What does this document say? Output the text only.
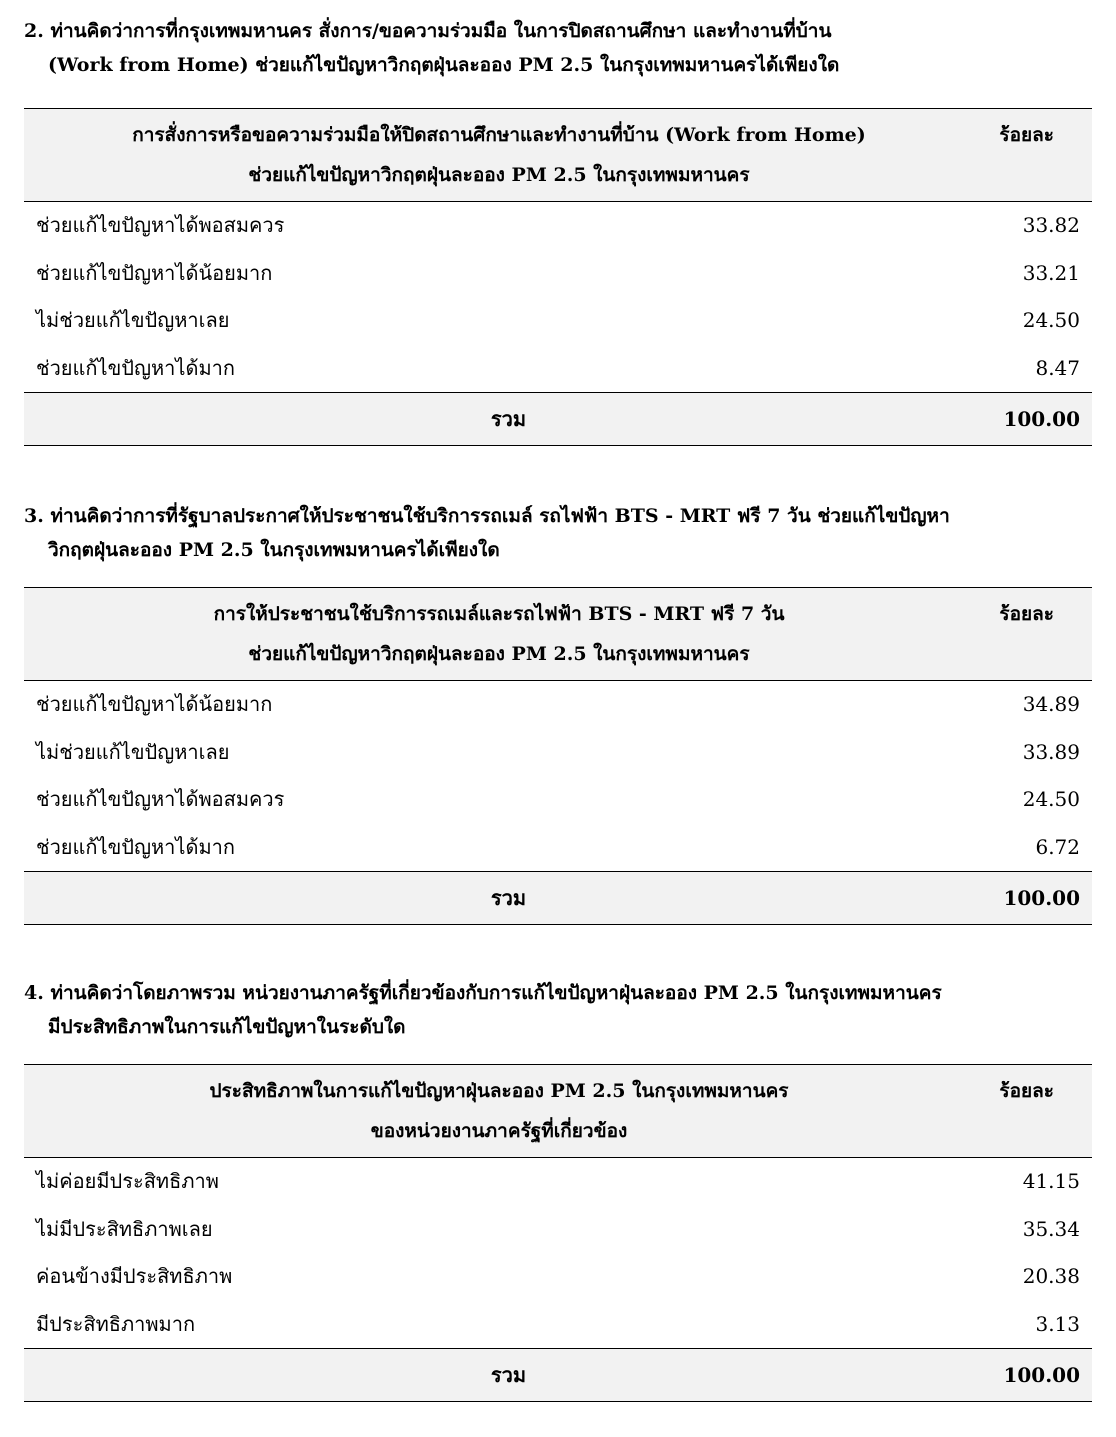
2. ท่านคิดว่าการที่กรุงเทพมหานคร สั่งการ/ขอความร่วมมือ ในการปิดสถานศึกษา และทำงานที่บ้าน
(Work from Home) ช่วยแก้ไขปัญหาวิกฤตฝุ่นละออง PM 2.5 ในกรุงเทพมหานครได้เพียงใด
การสั่งการหรือขอความร่วมมือให้ปิดสถานศึกษาและทำงานที่บ้าน (Work from Home)
ช่วยแก้ไขปัญหาวิกฤตฝุ่นละออง PM 2.5 ในกรุงเทพมหานคร	ร้อยละ
ช่วยแก้ไขปัญหาได้พอสมควร	33.82
ช่วยแก้ไขปัญหาได้น้อยมาก	33.21
ไม่ช่วยแก้ไขปัญหาเลย	24.50
ช่วยแก้ไขปัญหาได้มาก	8.47
รวม	100.00
3. ท่านคิดว่าการที่รัฐบาลประกาศให้ประชาชนใช้บริการรถเมล์ รถไฟฟ้า BTS - MRT ฟรี 7 วัน ช่วยแก้ไขปัญหา
วิกฤตฝุ่นละออง PM 2.5 ในกรุงเทพมหานครได้เพียงใด
การให้ประชาชนใช้บริการรถเมล์และรถไฟฟ้า BTS - MRT ฟรี 7 วัน
ช่วยแก้ไขปัญหาวิกฤตฝุ่นละออง PM 2.5 ในกรุงเทพมหานคร	ร้อยละ
ช่วยแก้ไขปัญหาได้น้อยมาก	34.89
ไม่ช่วยแก้ไขปัญหาเลย	33.89
ช่วยแก้ไขปัญหาได้พอสมควร	24.50
ช่วยแก้ไขปัญหาได้มาก	6.72
รวม	100.00
4. ท่านคิดว่าโดยภาพรวม หน่วยงานภาครัฐที่เกี่ยวข้องกับการแก้ไขปัญหาฝุ่นละออง PM 2.5 ในกรุงเทพมหานคร
มีประสิทธิภาพในการแก้ไขปัญหาในระดับใด
ประสิทธิภาพในการแก้ไขปัญหาฝุ่นละออง PM 2.5 ในกรุงเทพมหานคร
ของหน่วยงานภาครัฐที่เกี่ยวข้อง	ร้อยละ
ไม่ค่อยมีประสิทธิภาพ	41.15
ไม่มีประสิทธิภาพเลย	35.34
ค่อนข้างมีประสิทธิภาพ	20.38
มีประสิทธิภาพมาก	3.13
รวม	100.00
